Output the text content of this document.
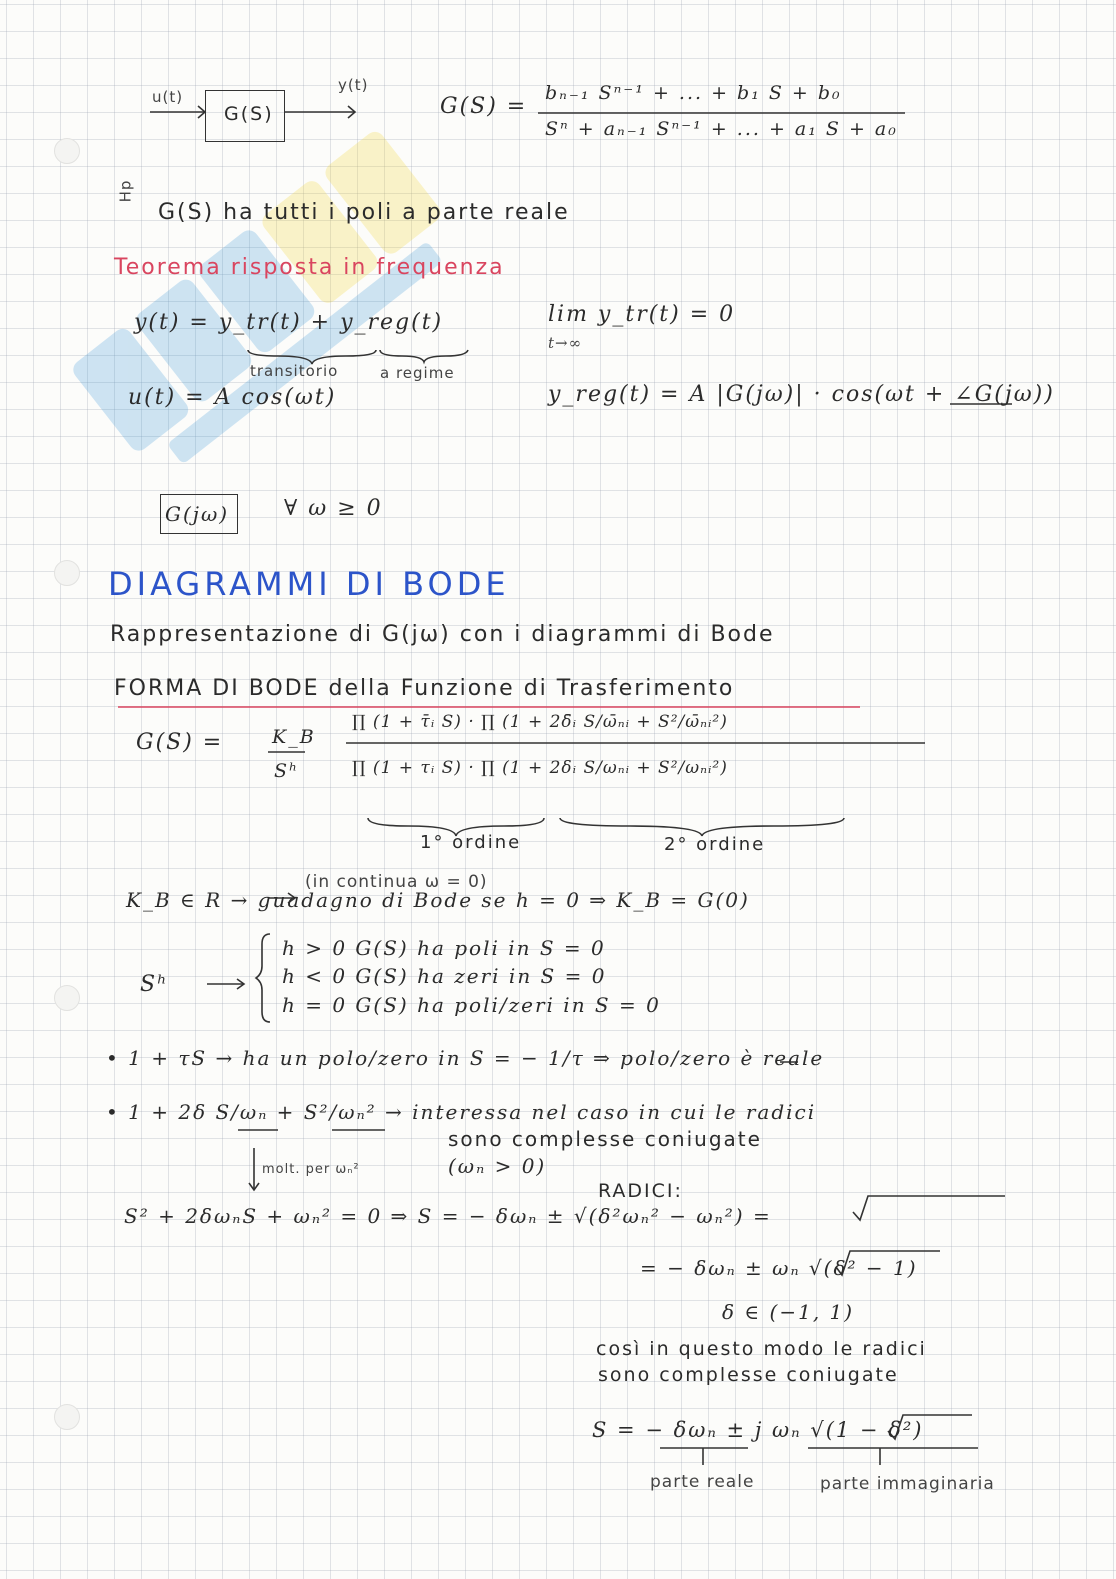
u(t)
G(S)
y(t)
G(S) =
bₙ₋₁ Sⁿ⁻¹ + ... + b₁ S + b₀
Sⁿ + aₙ₋₁ Sⁿ⁻¹ + ... + a₁ S + a₀
Hp
G(S) ha tutti i poli a parte reale
Teorema risposta in frequenza
y(t) = y_tr(t) + y_reg(t)
transitorio	a regime
lim y_tr(t) = 0
t→∞
u(t) = A cos(ωt)	y_reg(t) = A |G(jω)| · cos(ωt + ∠G(jω))
G(jω) ∀ ω ≥ 0
DIAGRAMMI DI BODE
Rappresentazione di G(jω) con i diagrammi di Bode
FORMA DI BODE della Funzione di Trasferimento
G(S) =	K_B
Sʰ
∏ (1 + τ̄ᵢ S) · ∏ (1 + 2δ̄ᵢ S/ω̄ₙᵢ + S²/ω̄ₙᵢ²)
∏ (1 + τᵢ S) · ∏ (1 + 2δᵢ S/ωₙᵢ + S²/ωₙᵢ²)
1° ordine	2° ordine
(in continua ω = 0)
K_B ∈ R → guadagno di Bode se h = 0 ⇒ K_B = G(0)
Sʰ
h > 0 G(S) ha poli in S = 0
h < 0 G(S) ha zeri in S = 0
h = 0 G(S) ha poli/zeri in S = 0
• 1 + τS → ha un polo/zero in S = − 1/τ ⇒ polo/zero è reale
• 1 + 2δ S/ωₙ + S²/ωₙ² → interessa nel caso in cui le radici
sono complesse coniugate
(ωₙ > 0)
molt. per ωₙ²
RADICI:
S² + 2δωₙS + ωₙ² = 0 ⇒ S = − δωₙ ± √(δ²ωₙ² − ωₙ²) =
= − δωₙ ± ωₙ √(δ² − 1)
δ ∈ (−1, 1)
così in questo modo le radici
sono complesse coniugate
S = − δωₙ ± j ωₙ √(1 − δ²)
parte reale	parte immaginaria
